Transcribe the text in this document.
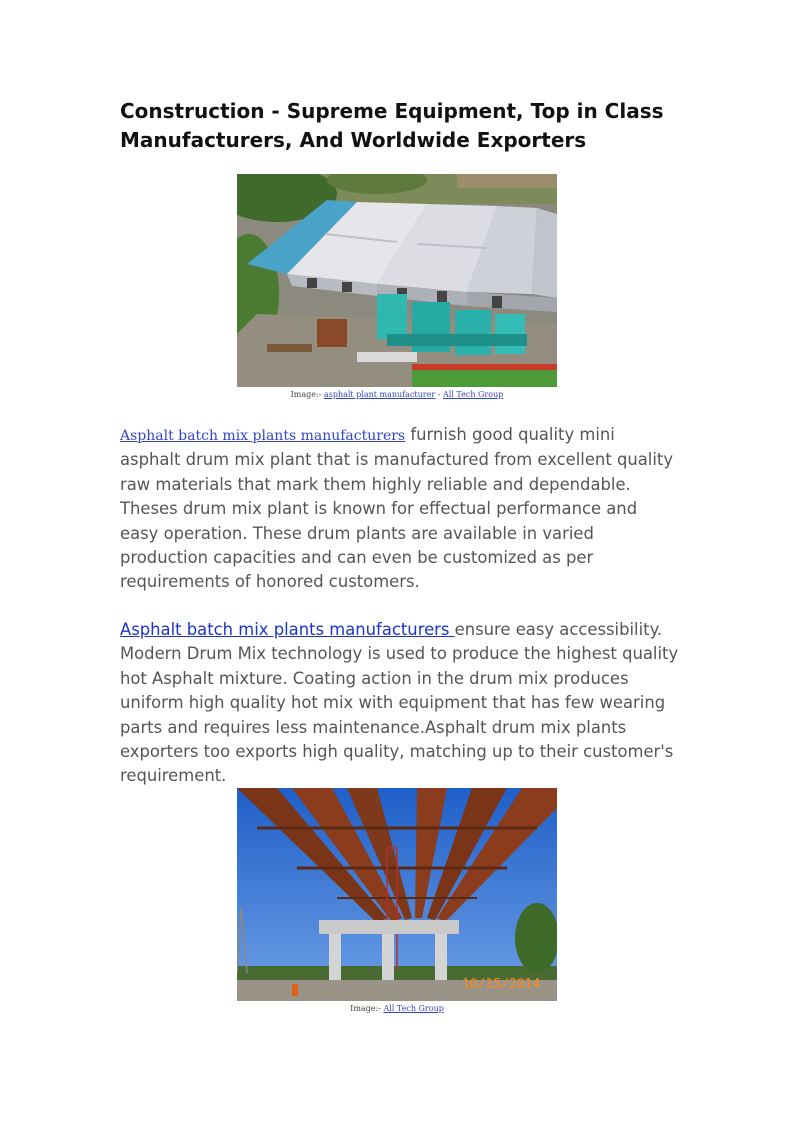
Construction - Supreme Equipment, Top in Class Manufacturers, And Worldwide Exporters
Image:- asphalt plant manufacturer - All Tech Group

Asphalt batch mix plants manufacturers furnish good quality mini asphalt drum mix plant that is manufactured from excellent quality raw materials that mark them highly reliable and dependable. Theses drum mix plant is known for effectual performance and easy operation. These drum plants are available in varied production capacities and can even be customized as per requirements of honored customers.

Asphalt batch mix plants manufacturers ensure easy accessibility. Modern Drum Mix technology is used to produce the highest quality hot Asphalt mixture. Coating action in the drum mix produces uniform high quality hot mix with equipment that has few wearing parts and requires less maintenance.Asphalt drum mix plants exporters too exports high quality, matching up to their customer's requirement.

10/15/2014
Image:- All Tech Group
